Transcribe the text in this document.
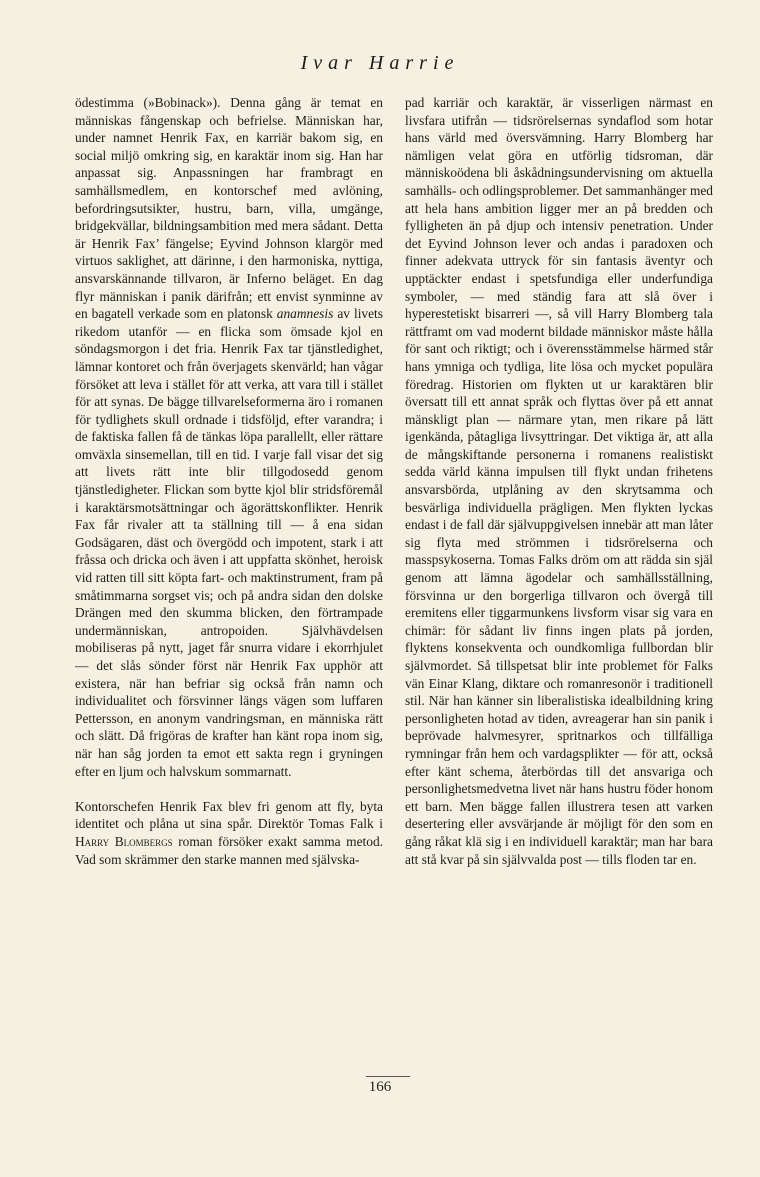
Ivar Harrie

ödestimma (»Bobinack»). Denna gång är temat en människas fångenskap och befrielse. Människan har, under namnet Henrik Fax, en karriär bakom sig, en social miljö omkring sig, en karaktär inom sig. Han har anpassat sig. Anpassningen har frambragt en samhällsmedlem, en kontorschef med avlöning, befordringsutsikter, hustru, barn, villa, umgänge, bridgekvällar, bildningsambition med mera sådant. Detta är Henrik Fax’ fängelse; Eyvind Johnson klargör med virtuos saklighet, att därinne, i den harmoniska, nyttiga, ansvarskännande tillvaron, är Inferno beläget. En dag flyr människan i panik därifrån; ett envist synminne av en bagatell verkade som en platonsk anamnesis av livets rikedom utanför — en flicka som ömsade kjol en söndagsmorgon i det fria. Henrik Fax tar tjänstledighet, lämnar kontoret och från överjagets skenvärld; han vågar försöket att leva i stället för att verka, att vara till i stället för att synas. De bägge tillvarelseformerna äro i romanen för tydlighets skull ordnade i tidsföljd, efter varandra; i de faktiska fallen få de tänkas löpa parallellt, eller rättare omväxla sinsemellan, till en tid. I varje fall visar det sig att livets rätt inte blir tillgodosedd genom tjänstledigheter. Flickan som bytte kjol blir stridsföremål i karaktärsmotsättningar och ägorättskonflikter. Henrik Fax får rivaler att ta ställning till — å ena sidan Godsägaren, däst och övergödd och impotent, stark i att fråssa och dricka och även i att uppfatta skönhet, heroisk vid ratten till sitt köpta fart- och maktinstrument, fram på småtimmarna sorgset vis; och på andra sidan den dolske Drängen med den skumma blicken, den förtrampade undermänniskan, antropoiden. Självhävdelsen mobiliseras på nytt, jaget får snurra vidare i ekorrhjulet — det slås sönder först när Henrik Fax upphör att existera, när han befriar sig också från namn och individualitet och försvinner längs vägen som luffaren Pettersson, en anonym vandringsman, en människa rätt och slätt. Då frigöras de krafter han känt ropa inom sig, när han såg jorden ta emot ett sakta regn i gryningen efter en ljum och halvskum sommarnatt.

Kontorschefen Henrik Fax blev fri genom att fly, byta identitet och plåna ut sina spår. Direktör Tomas Falk i Harry Blombergs roman försöker exakt samma metod. Vad som skrämmer den starke mannen med självska-

pad karriär och karaktär, är visserligen närmast en livsfara utifrån — tidsrörelsernas syndaflod som hotar hans värld med översvämning. Harry Blomberg har nämligen velat göra en utförlig tidsroman, där människoödena bli åskådningsundervisning om aktuella samhälls- och odlingsproblemer. Det sammanhänger med att hela hans ambition ligger mer an på bredden och fylligheten än på djup och intensiv penetration. Under det Eyvind Johnson lever och andas i paradoxen och finner adekvata uttryck för sin fantasis äventyr och upptäckter endast i spetsfundiga eller underfundiga symboler, — med ständig fara att slå över i hyperestetiskt bisarreri —, så vill Harry Blomberg tala rättframt om vad modernt bildade människor måste hålla för sant och riktigt; och i överensstämmelse härmed står hans ymniga och tydliga, lite lösa och mycket populära föredrag. Historien om flykten ut ur karaktären blir översatt till ett annat språk och flyttas över på ett annat mänskligt plan — närmare ytan, men rikare på lätt igenkända, påtagliga livsyttringar. Det viktiga är, att alla de mångskiftande personerna i romanens realistiskt sedda värld känna impulsen till flykt undan frihetens ansvarsbörda, utplåning av den skrytsamma och besvärliga individuella prägligen. Men flykten lyckas endast i de fall där självuppgivelsen innebär att man låter sig flyta med strömmen i tidsrörelserna och masspsykoserna. Tomas Falks dröm om att rädda sin själ genom att lämna ägodelar och samhällsställning, försvinna ur den borgerliga tillvaron och övergå till eremitens eller tiggarmunkens livsform visar sig vara en chimär: för sådant liv finns ingen plats på jorden, flyktens konsekventa och oundkomliga fullbordan blir självmordet. Så tillspetsat blir inte problemet för Falks vän Einar Klang, diktare och romanresonör i traditionell stil. När han känner sin liberalistiska idealbildning kring personligheten hotad av tiden, avreagerar han sin panik i beprövade halvmesyrer, spritnarkos och tillfälliga rymningar från hem och vardagsplikter — för att, också efter känt schema, återbördas till det ansvariga och personlighetsmedvetna livet när hans hustru föder honom ett barn. Men bägge fallen illustrera tesen att varken desertering eller avsvärjande är möjligt för den som en gång råkat klä sig i en individuell karaktär; man har bara att stå kvar på sin självvalda post — tills floden tar en.

166
